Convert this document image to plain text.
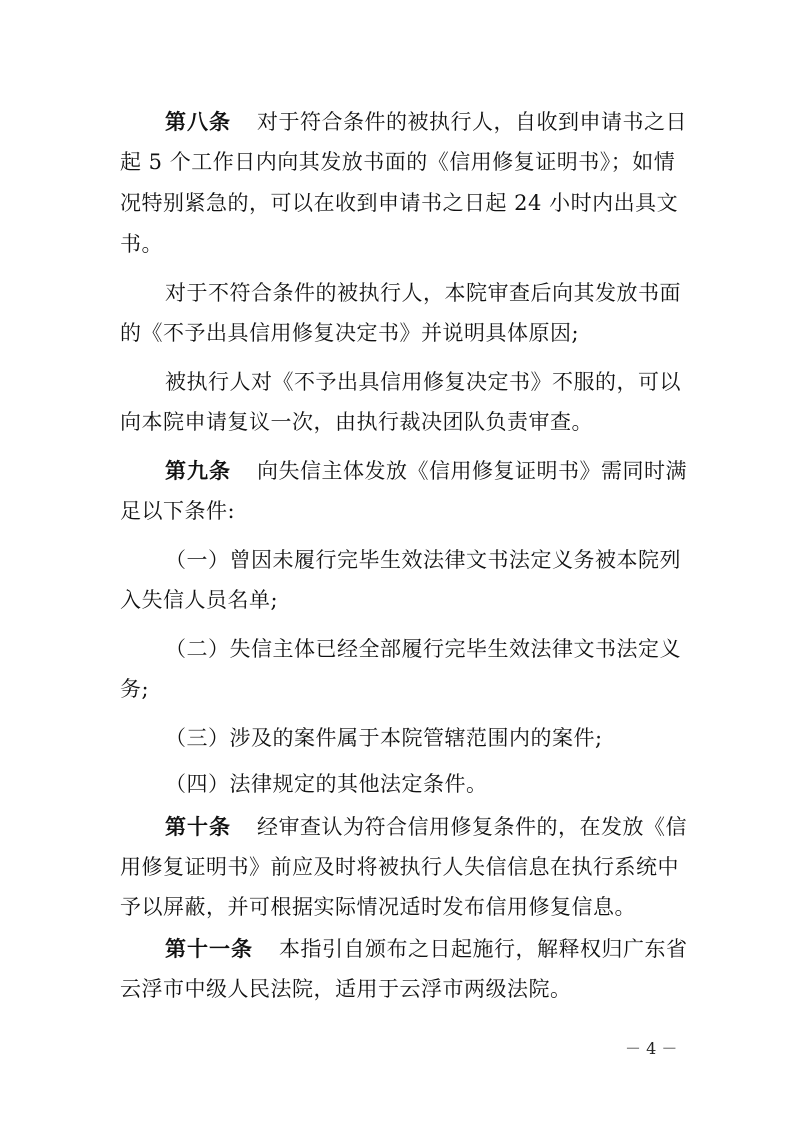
第八条 对于符合条件的被执行人，自收到申请书之日
起 5 个工作日内向其发放书面的《信用修复证明书》；如情
况特别紧急的，可以在收到申请书之日起 24 小时内出具文
书。
对于不符合条件的被执行人，本院审查后向其发放书面
的《不予出具信用修复决定书》并说明具体原因;
被执行人对《不予出具信用修复决定书》不服的，可以
向本院申请复议一次，由执行裁决团队负责审查。
第九条 向失信主体发放《信用修复证明书》需同时满
足以下条件:
（一）曾因未履行完毕生效法律文书法定义务被本院列
入失信人员名单;
（二）失信主体已经全部履行完毕生效法律文书法定义
务;
（三）涉及的案件属于本院管辖范围内的案件;
（四）法律规定的其他法定条件。
第十条 经审查认为符合信用修复条件的，在发放《信
用修复证明书》前应及时将被执行人失信信息在执行系统中
予以屏蔽，并可根据实际情况适时发布信用修复信息。
第十一条 本指引自颁布之日起施行，解释权归广东省
云浮市中级人民法院，适用于云浮市两级法院。
－ 4 －
